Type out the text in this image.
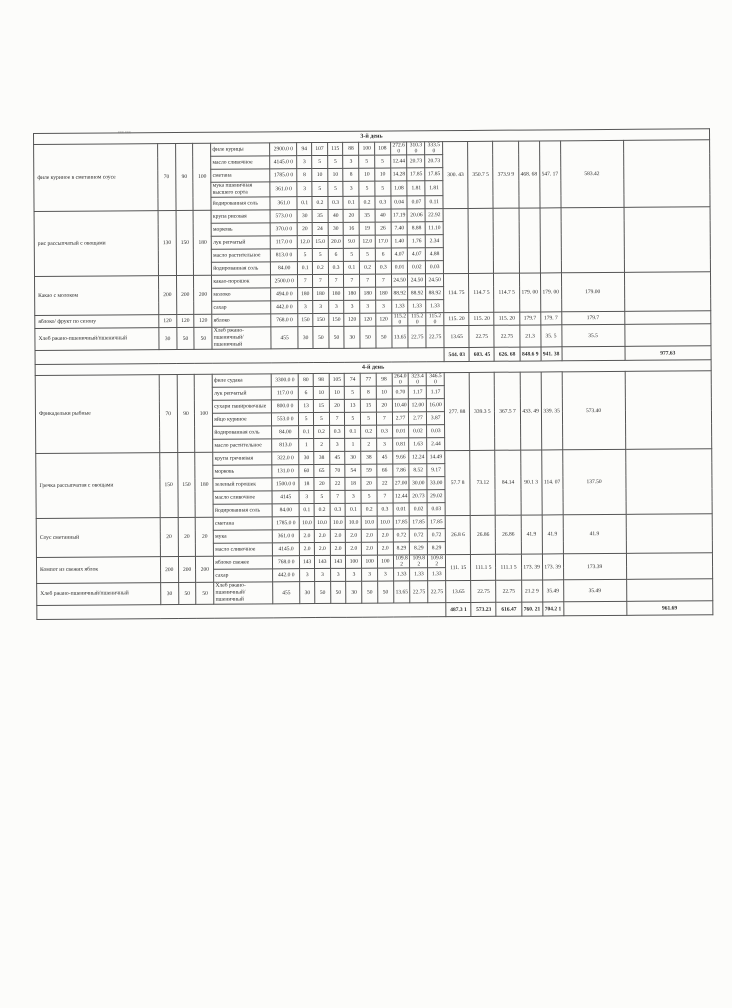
xxx xxx
3-й день																					
филе куриное в сметанном соусе	70	90	100	филе курицы	2900.0 0	94	107	115	88	100	108	272.6 0	310.30	333.50	300. 43	350.7 5	373.9 9	468. 68	547. 17	583.42	
				масло сливочное	4145.0 0	3	5	5	3	5	5	12.44	20.73	20.73							
				сметана	1785.0 0	8	10	10	8	10	10	14.28	17.85	17.85							
				мука пшеничная высшего сорта	361.0 0	3	5	5	3	5	5	1.08	1.81	1.81							
				йодированная соль	361.0	0.1	0.2	0.3	0.1	0.2	0.3	0.04	0.07	0.11							
рис рассыпчатый с овощами	130	150	180	крупа рисовая	573.0 0	30	35	40	20	35	40	17.19	20.06	22.92							
				морковь	370.0 0	20	24	30	16	19	26	7.40	8.88	11.10							
				лук репчатый	117.0 0	12.0	15.0	20.0	9.0	12.0	17.0	1.40	1.76	2.34							
				масло растительное	813.0 0	5	5	6	5	5	6	4.07	4.07	4.88							
				йодированная соль	84.00	0.1	0.2	0.3	0.1	0.2	0.3	0.01	0.02	0.03							
Какао с молоком	200	200	200	какао-порошок	2500.0 0	7	7	7	7	7	7	24.50	24.50	24.50	114. 75	114.7 5	114.7 5	179. 00	179. 00	179.00	
				молоко	494.0 0	180	180	180	180	180	180	88.92	88.92	88.92							
				сахар	442.0 0	3	3	3	3	3	3	1.33	1.33	1.33							
яблоко/ фрукт по сезону	120	120	120	яблоко	768.0 0	150	150	150	120	120	120	115.2 0	115.20	115.20	115. 20	115. 20	115. 20	179.7	179. 7	179.7	
Хлеб ржано-пшеничный/пшеничный	30	50	50	Хлеб ржано-пшеничный/пшеничный	455	30	50	50	30	50	50	13.65	22.75	22.75	13.65	22.75	22.75	21.3	35. 5	35.5	
															544. 03	603. 45	626. 68	848.6 9	941. 38		977.63
4-й день																					
Фрикадельки рыбные	70	90	100	филе судака	3300.0 0	80	98	105	74	77	98	264.0 0	323.40	346.50	277. 88	339.3 5	367.5 7	433. 49	339. 35	573.40	
				лук репчатый	117.0 0	6	10	10	5	8	10	0.70	1.17	1.17							
				сухари панировочные	800.0 0	13	15	20	13	15	20	10.40	12.00	16.00							
				яйцо куриное	553.0 0	5	5	7	5	5	7	2.77	2.77	3.87							
				йодированная соль	84.00	0.1	0.2	0.3	0.1	0.2	0.3	0.01	0.02	0.03							
				масло растительное	813.0	1	2	3	1	2	3	0.81	1.63	2.44							
Гречка рассыпчатая с овощами	150	150	180	крупа гречневая	322.0 0	30	38	45	30	38	45	9.66	12.24	14.49	57.7 8	73.12	84.14	90.1 3	114. 07	137.50	
				морковь	131.0 0	60	65	70	54	59	66	7.86	8.52	9.17							
				зеленый горошек	1500.0 0	18	20	22	18	20	22	27.00	30.00	33.00							
				масло сливочное	4145	3	5	7	3	5	7	12.44	20.73	29.02							
				йодированная соль	84.00	0.1	0.2	0.3	0.1	0.2	0.3	0.01	0.02	0.03							
Соус сметанный	20	20	20	сметана	1785.0 0	10.0	10.0	10.0	10.0	10.0	10.0	17.85	17.85	17.85	26.8 6	26.86	26.86	41.9	41.9	41.9	
				мука	361.0 0	2.0	2.0	2.0	2.0	2.0	2.0	0.72	0.72	0.72							
				масло сливочное	4145.0	2.0	2.0	2.0	2.0	2.0	2.0	8.29	8.29	8.29							
Компот из свежих яблок	200	200	200	яблоко свежее	768.0 0	143	143	143	100	100	100	109.8 2	109.82	109.82	111. 15	111.1 5	111.1 5	173. 39	173. 39	173.39	
				сахар	442.0 0	3	3	3	3	3	3	1.33	1.33	1.33							
Хлеб ржано-пшеничный/пшеничный	30	50	50	Хлеб ржано-пшеничный/пшеничный	455	30	50	50	30	50	50	13.65	22.75	22.75	13.65	22.75	22.75	21.2 9	35.49	35.49	
															487.3 1	573.23	616.47	760. 21	704.2 1		961.69
